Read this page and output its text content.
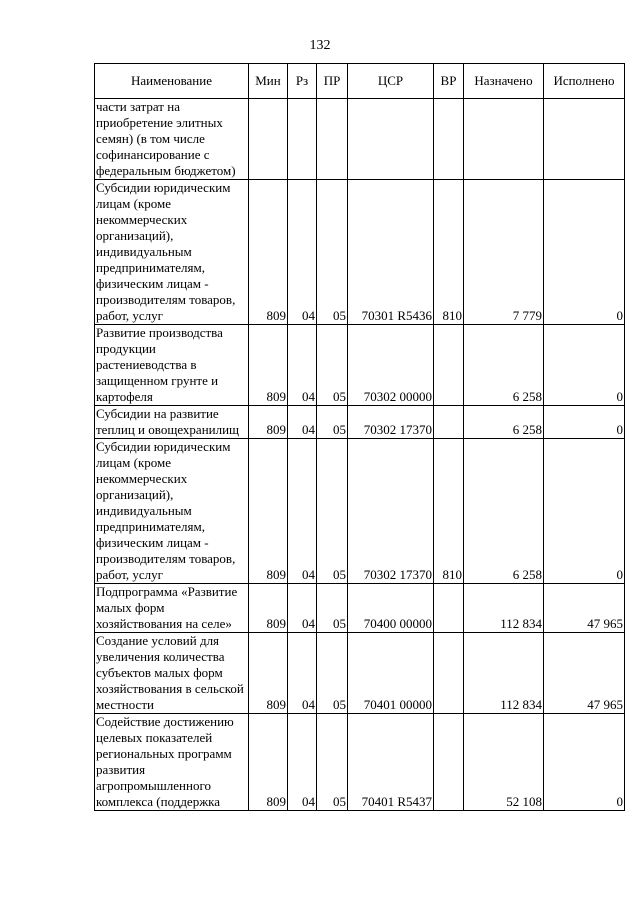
132
Наименование	Мин	Рз	ПР	ЦСР	ВР	Назначено	Исполнено
части затрат на приобретение элитных семян) (в том числе софинансирование с федеральным бюджетом)							
Субсидии юридическим лицам (кроме некоммерческих организаций), индивидуальным предпринимателям, физическим лицам - производителям товаров, работ, услуг	809	04	05	70301 R5436	810	7 779	0
Развитие производства продукции растениеводства в защищенном грунте и картофеля	809	04	05	70302 00000		6 258	0
Субсидии на развитие теплиц и овощехранилищ	809	04	05	70302 17370		6 258	0
Субсидии юридическим лицам (кроме некоммерческих организаций), индивидуальным предпринимателям, физическим лицам - производителям товаров, работ, услуг	809	04	05	70302 17370	810	6 258	0
Подпрограмма «Развитие малых форм хозяйствования на селе»	809	04	05	70400 00000		112 834	47 965
Создание условий для увеличения количества субъектов малых форм хозяйствования в сельской местности	809	04	05	70401 00000		112 834	47 965
Содействие достижению целевых показателей региональных программ развития агропромышленного комплекса (поддержка	809	04	05	70401 R5437		52 108	0
